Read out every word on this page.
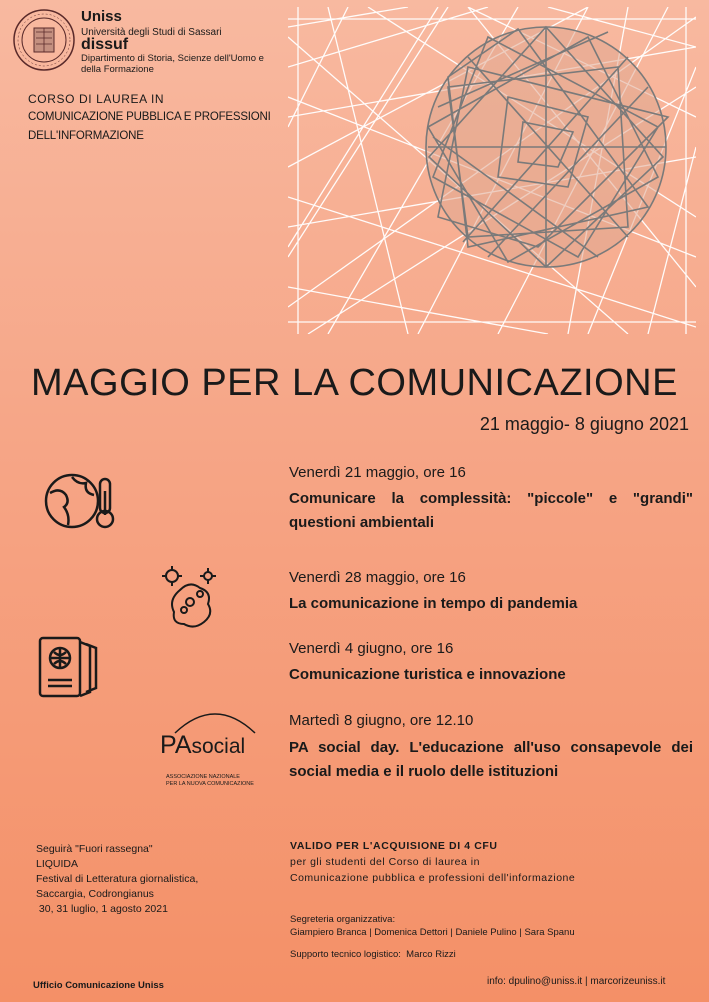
Uniss
Università degli Studi di Sassari
dissuf
Dipartimento di Storia, Scienze dell'Uomo e
della Formazione
CORSO DI LAUREA IN
COMUNICAZIONE PUBBLICA E PROFESSIONI
DELL'INFORMAZIONE
MAGGIO PER LA COMUNICAZIONE
21 maggio- 8 giugno 2021
Venerdì 21 maggio, ore 16
Comunicare la complessità: "piccole" e "grandi" questioni ambientali
Venerdì 28 maggio, ore 16
La comunicazione in tempo di pandemia
Venerdì 4 giugno, ore 16
Comunicazione turistica e innovazione
PAsocial
ASSOCIAZIONE NAZIONALE
PER LA NUOVA COMUNICAZIONE
Martedì 8 giugno, ore 12.10
PA social day. L'educazione all'uso consapevole dei social media e il ruolo delle istituzioni
Seguirà "Fuori rassegna"
LIQUIDA
Festival di Letteratura giornalistica,
Saccargia, Codrongianus
30, 31 luglio, 1 agosto 2021
Ufficio Comunicazione Uniss
VALIDO PER L'ACQUISIONE DI 4 CFU
per gli studenti del Corso di laurea in
Comunicazione pubblica e professioni dell'informazione
Segreteria organizzativa:
Giampiero Branca | Domenica Dettori | Daniele Pulino | Sara Spanu
Supporto tecnico logistico:  Marco Rizzi
info: dpulino@uniss.it | marcorizeuniss.it
